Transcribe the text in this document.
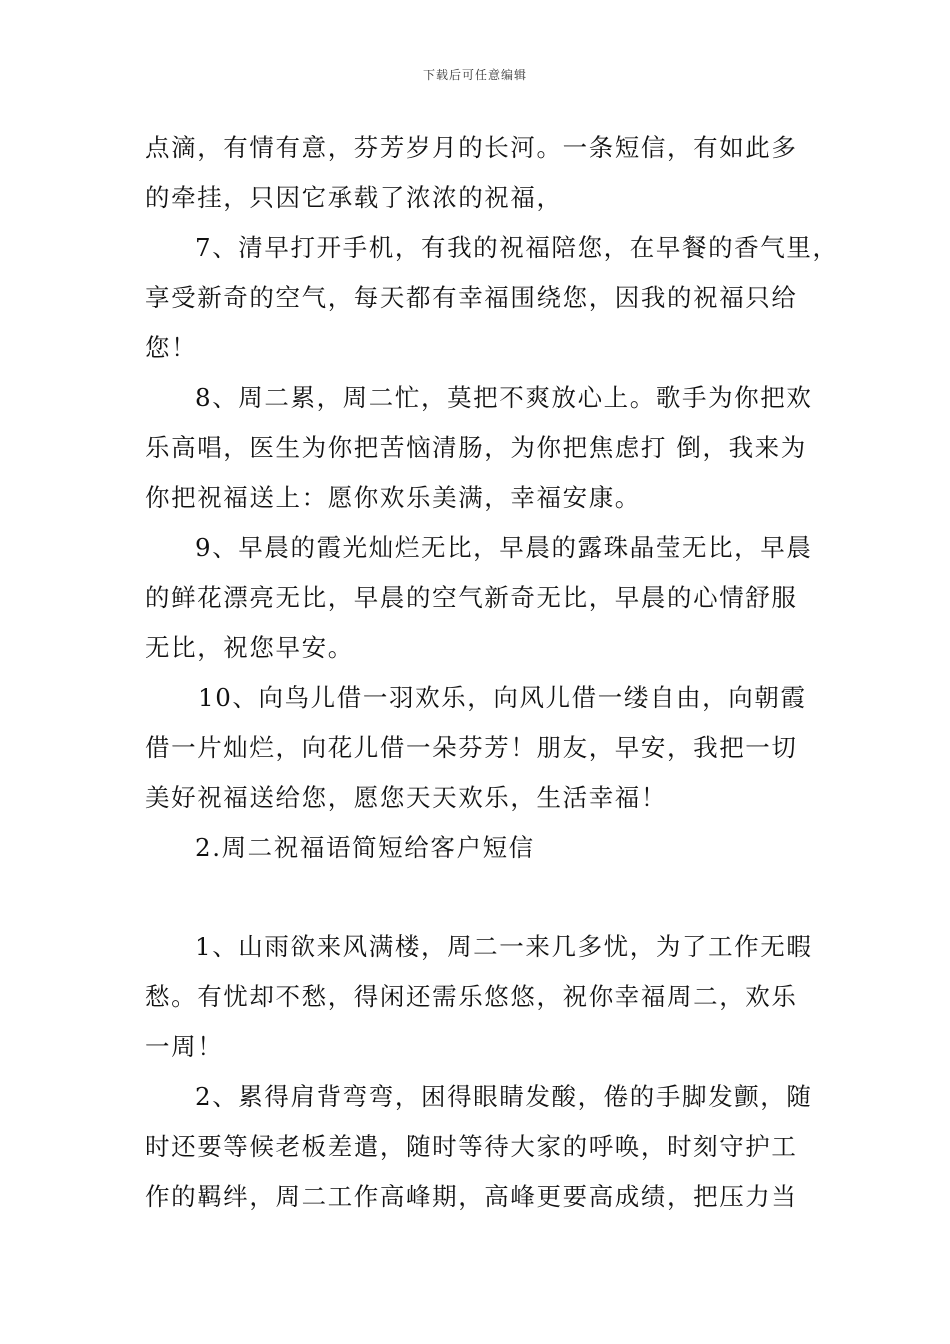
下载后可任意编辑
点滴，有情有意，芬芳岁月的长河。一条短信，有如此多
的牵挂，只因它承载了浓浓的祝福，
7、清早打开手机，有我的祝福陪您，在早餐的香气里，
享受新奇的空气，每天都有幸福围绕您，因我的祝福只给
您！
8、周二累，周二忙，莫把不爽放心上。歌手为你把欢
乐高唱，医生为你把苦恼清肠，为你把焦虑打 倒，我来为
你把祝福送上：愿你欢乐美满，幸福安康。
9、早晨的霞光灿烂无比，早晨的露珠晶莹无比，早晨
的鲜花漂亮无比，早晨的空气新奇无比，早晨的心情舒服
无比，祝您早安。
10、向鸟儿借一羽欢乐，向风儿借一缕自由，向朝霞
借一片灿烂，向花儿借一朵芬芳！朋友，早安，我把一切
美好祝福送给您，愿您天天欢乐，生活幸福！
2.周二祝福语简短给客户短信
1、山雨欲来风满楼，周二一来几多忧，为了工作无暇
愁。有忧却不愁，得闲还需乐悠悠，祝你幸福周二，欢乐
一周！
2、累得肩背弯弯，困得眼睛发酸，倦的手脚发颤，随
时还要等候老板差遣，随时等待大家的呼唤，时刻守护工
作的羁绊，周二工作高峰期，高峰更要高成绩，把压力当
